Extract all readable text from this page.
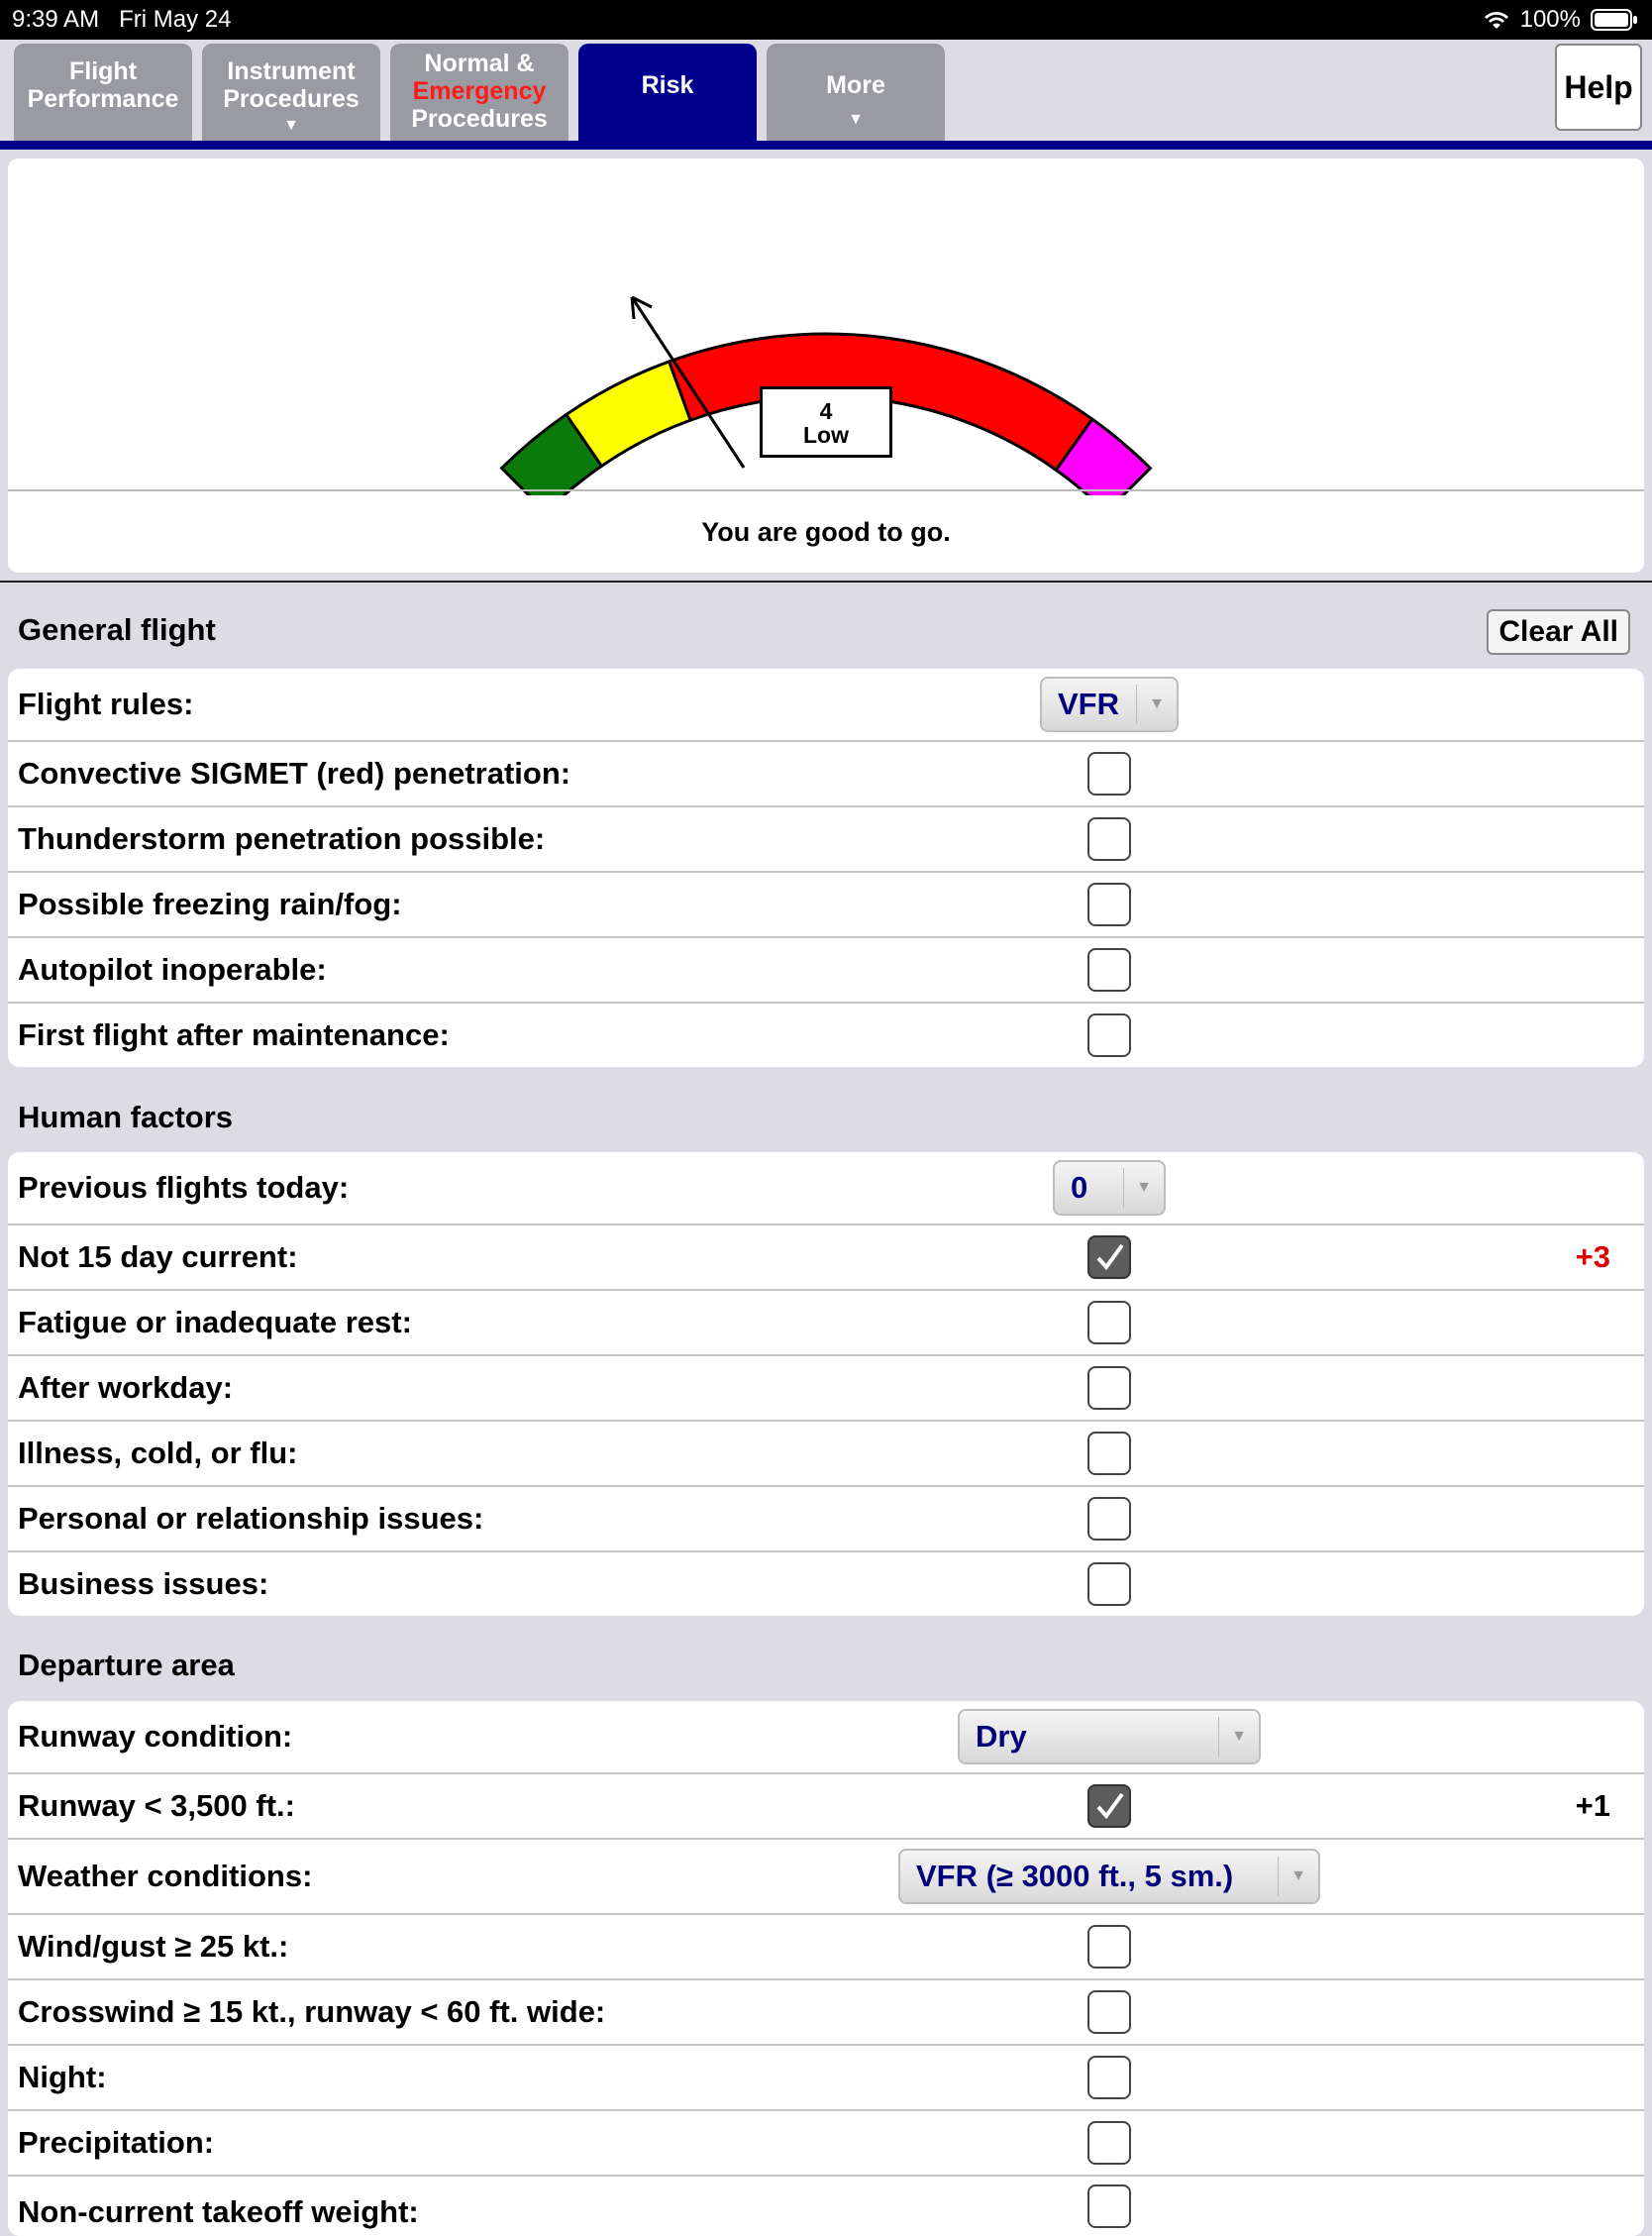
9:39 AM Fri May 24	100%
Flight
Performance
Instrument
Procedures
▼
Normal &
Emergency
Procedures
Risk	More
▼
Help
4
Low
You are good to go.
General flight	Clear All
Flight rules:	VFR ▼
Convective SIGMET (red) penetration:
Thunderstorm penetration possible:
Possible freezing rain/fog:
Autopilot inoperable:
First flight after maintenance:
Human factors
Previous flights today:	0	▼
Not 15 day current:	+3
Fatigue or inadequate rest:
After workday:
Illness, cold, or flu:
Personal or relationship issues:
Business issues:
Departure area
Runway condition:	Dry	▼
Runway < 3,500 ft.:	+1
Weather conditions:	VFR (≥ 3000 ft., 5 sm.)	▼
Wind/gust ≥ 25 kt.:
Crosswind ≥ 15 kt., runway < 60 ft. wide:
Night:
Precipitation:
Non-current takeoff weight:
